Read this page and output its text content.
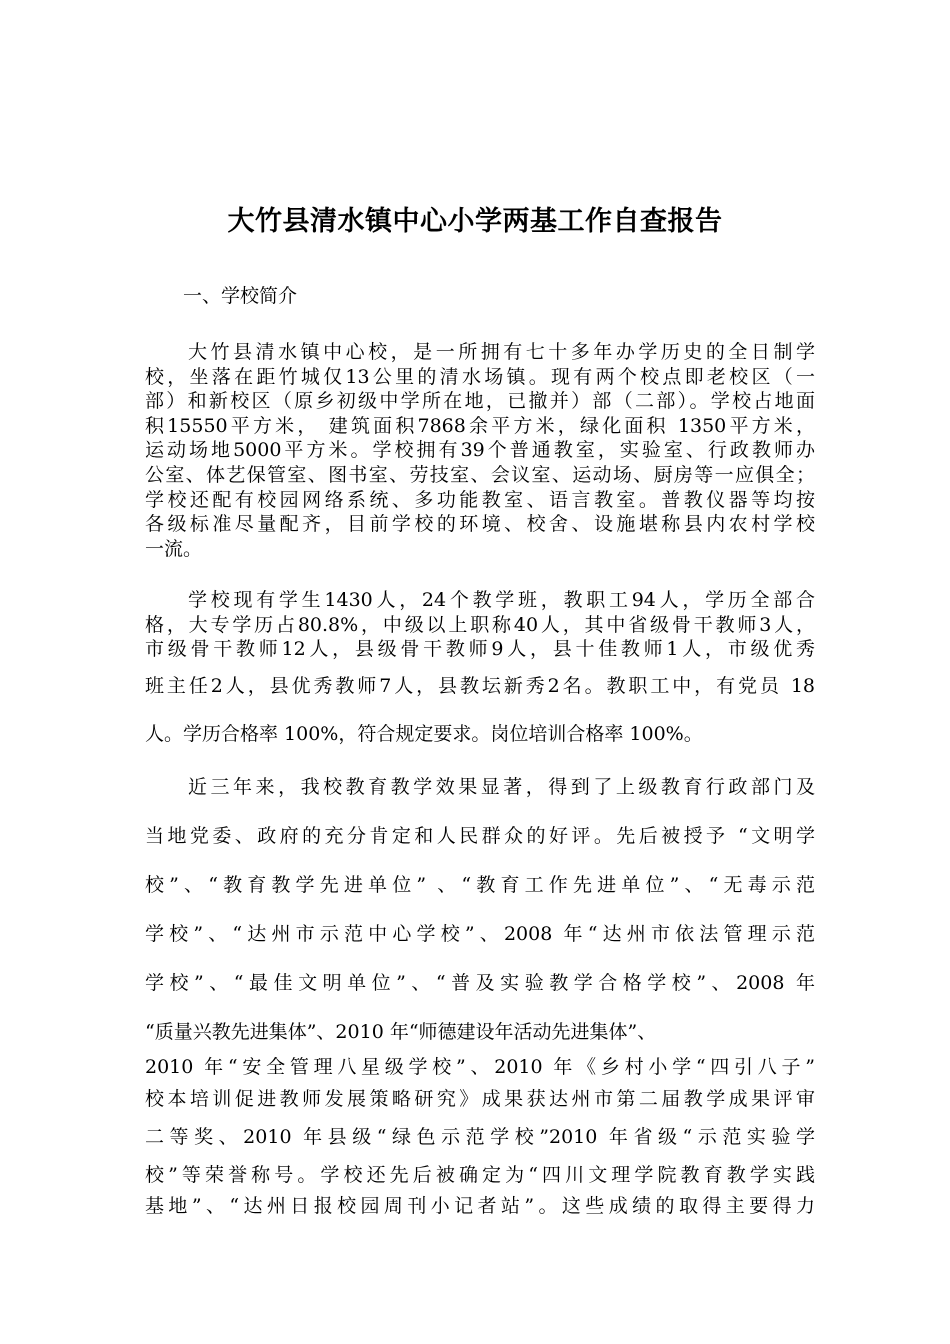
大竹县清水镇中心小学两基工作自查报告
一、学校简介
大竹县清水镇中心校，是一所拥有七十多年办学历史的全日制学
校，坐落在距竹城仅13公里的清水场镇。现有两个校点即老校区（一
部）和新校区（原乡初级中学所在地，已撤并）部（二部）。学校占地面
积15550平方米， 建筑面积7868余平方米，绿化面积 1350平方米，
运动场地5000平方米。学校拥有39个普通教室，实验室、行政教师办
公室、体艺保管室、图书室、劳技室、会议室、运动场、厨房等一应俱全；
学校还配有校园网络系统、多功能教室、语言教室。普教仪器等均按
各级标准尽量配齐，目前学校的环境、校舍、设施堪称县内农村学校
一流。
学校现有学生1430人，24个教学班，教职工94人，学历全部合
格，大专学历占80.8%，中级以上职称40人，其中省级骨干教师3人，
市级骨干教师12人，县级骨干教师9人，县十佳教师1人，市级优秀
班主任2人，县优秀教师7人，县教坛新秀2名。教职工中，有党员 18
人。学历合格率 100%，符合规定要求。岗位培训合格率 100%。
近三年来，我校教育教学效果显著，得到了上级教育行政部门及
当地党委、政府的充分肯定和人民群众的好评。先后被授予 “文明学
校”、“教育教学先进单位” 、“教育工作先进单位”、“无毒示范
学校”、“达州市示范中心学校”、2008 年“达州市依法管理示范
学校”、“最佳文明单位”、“普及实验教学合格学校”、2008 年
“质量兴教先进集体”、2010 年“师德建设年活动先进集体”、
2010 年“安全管理八星级学校”、2010 年《乡村小学“四引八子”
校本培训促进教师发展策略研究》成果获达州市第二届教学成果评审
二等奖、2010 年县级“绿色示范学校”2010 年省级“示范实验学
校”等荣誉称号。学校还先后被确定为“四川文理学院教育教学实践
基地”、“达州日报校园周刊小记者站”。这些成绩的取得主要得力
